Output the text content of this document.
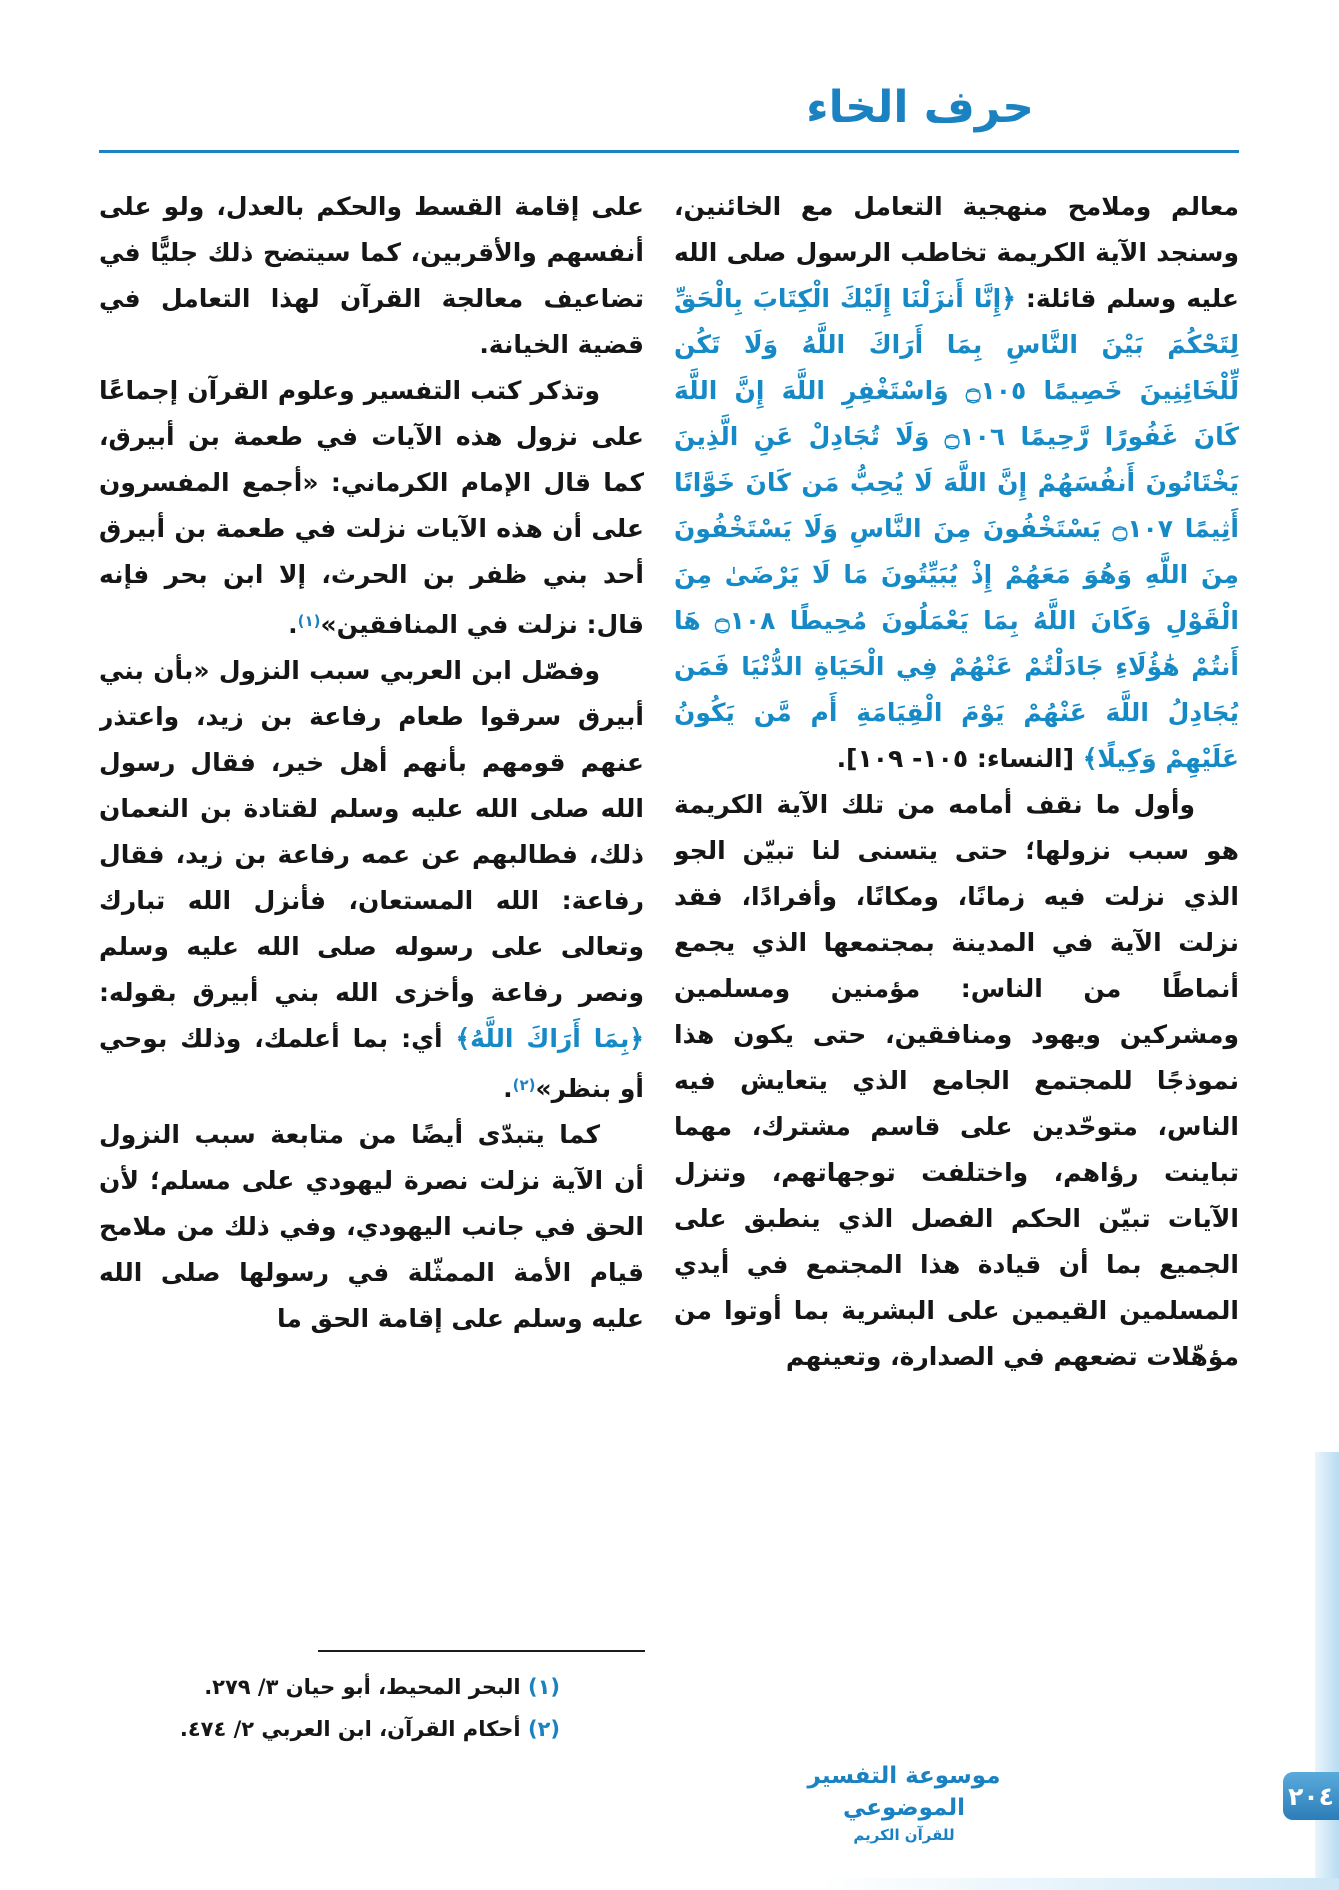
حرف الخاء

معالم وملامح منهجية التعامل مع الخائنين، وسنجد الآية الكريمة تخاطب الرسول صلى الله عليه وسلم قائلة: ﴿إِنَّا أَنزَلْنَا إِلَيْكَ الْكِتَابَ بِالْحَقِّ لِتَحْكُمَ بَيْنَ النَّاسِ بِمَا أَرَاكَ اللَّهُ وَلَا تَكُن لِّلْخَائِنِينَ خَصِيمًا ۝١٠٥ وَاسْتَغْفِرِ اللَّهَ إِنَّ اللَّهَ كَانَ غَفُورًا رَّحِيمًا ۝١٠٦ وَلَا تُجَادِلْ عَنِ الَّذِينَ يَخْتَانُونَ أَنفُسَهُمْ إِنَّ اللَّهَ لَا يُحِبُّ مَن كَانَ خَوَّانًا أَثِيمًا ۝١٠٧ يَسْتَخْفُونَ مِنَ النَّاسِ وَلَا يَسْتَخْفُونَ مِنَ اللَّهِ وَهُوَ مَعَهُمْ إِذْ يُبَيِّتُونَ مَا لَا يَرْضَىٰ مِنَ الْقَوْلِ وَكَانَ اللَّهُ بِمَا يَعْمَلُونَ مُحِيطًا ۝١٠٨ هَا أَنتُمْ هَٰؤُلَاءِ جَادَلْتُمْ عَنْهُمْ فِي الْحَيَاةِ الدُّنْيَا فَمَن يُجَادِلُ اللَّهَ عَنْهُمْ يَوْمَ الْقِيَامَةِ أَم مَّن يَكُونُ عَلَيْهِمْ وَكِيلًا﴾ [النساء: ١٠٥- ١٠٩].

وأول ما نقف أمامه من تلك الآية الكريمة هو سبب نزولها؛ حتى يتسنى لنا تبيّن الجو الذي نزلت فيه زمانًا، ومكانًا، وأفرادًا، فقد نزلت الآية في المدينة بمجتمعها الذي يجمع أنماطًا من الناس: مؤمنين ومسلمين ومشركين ويهود ومنافقين، حتى يكون هذا نموذجًا للمجتمع الجامع الذي يتعايش فيه الناس، متوحّدين على قاسم مشترك، مهما تباينت رؤاهم، واختلفت توجهاتهم، وتنزل الآيات تبيّن الحكم الفصل الذي ينطبق على الجميع بما أن قيادة هذا المجتمع في أيدي المسلمين القيمين على البشرية بما أوتوا من مؤهّلات تضعهم في الصدارة، وتعينهم

على إقامة القسط والحكم بالعدل، ولو على أنفسهم والأقربين، كما سيتضح ذلك جليًّا في تضاعيف معالجة القرآن لهذا التعامل في قضية الخيانة.

وتذكر كتب التفسير وعلوم القرآن إجماعًا على نزول هذه الآيات في طعمة بن أبيرق، كما قال الإمام الكرماني: «أجمع المفسرون على أن هذه الآيات نزلت في طعمة بن أبيرق أحد بني ظفر بن الحرث، إلا ابن بحر فإنه قال: نزلت في المنافقين»$^{(١)}$.

وفصّل ابن العربي سبب النزول «بأن بني أبيرق سرقوا طعام رفاعة بن زيد، واعتذر عنهم قومهم بأنهم أهل خير، فقال رسول الله صلى الله عليه وسلم لقتادة بن النعمان ذلك، فطالبهم عن عمه رفاعة بن زيد، فقال رفاعة: الله المستعان، فأنزل الله تبارك وتعالى على رسوله صلى الله عليه وسلم ونصر رفاعة وأخزى الله بني أبيرق بقوله: ﴿بِمَا أَرَاكَ اللَّهُ﴾ أي: بما أعلمك، وذلك بوحي أو بنظر»$^{(٢)}$.

كما يتبدّى أيضًا من متابعة سبب النزول أن الآية نزلت نصرة ليهودي على مسلم؛ لأن الحق في جانب اليهودي، وفي ذلك من ملامح قيام الأمة الممثّلة في رسولها صلى الله عليه وسلم على إقامة الحق ما

(١) البحر المحيط، أبو حيان ٣/ ٢٧٩.
(٢) أحكام القرآن، ابن العربي ٢/ ٤٧٤.
موسوعة التفسير الموضوعي
للقرآن الكريم
٢٠٤
